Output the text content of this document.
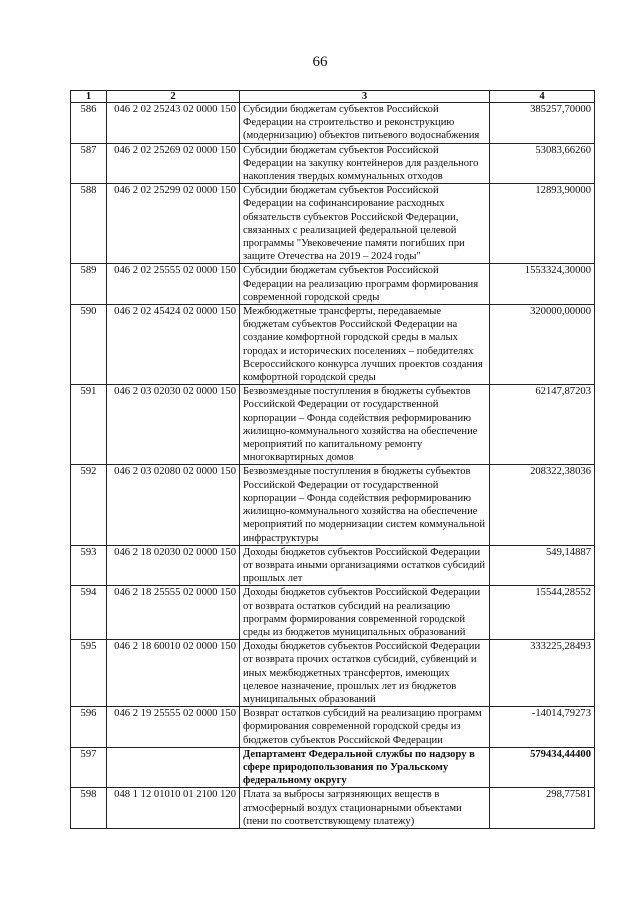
66
1	2	3	4
586	046 2 02 25243 02 0000 150	Субсидии бюджетам субъектов Российской Федерации на строительство и реконструкцию (модернизацию) объектов питьевого водоснабжения	385257,70000
587	046 2 02 25269 02 0000 150	Субсидии бюджетам субъектов Российской Федерации на закупку контейнеров для раздельного накопления твердых коммунальных отходов	53083,66260
588	046 2 02 25299 02 0000 150	Субсидии бюджетам субъектов Российской Федерации на софинансирование расходных обязательств субъектов Российской Федерации, связанных с реализацией федеральной целевой программы "Увековечение памяти погибших при защите Отечества на 2019 – 2024 годы"	12893,90000
589	046 2 02 25555 02 0000 150	Субсидии бюджетам субъектов Российской Федерации на реализацию программ формирования современной городской среды	1553324,30000
590	046 2 02 45424 02 0000 150	Межбюджетные трансферты, передаваемые бюджетам субъектов Российской Федерации на создание комфортной городской среды в малых городах и исторических поселениях – победителях Всероссийского конкурса лучших проектов создания комфортной городской среды	320000,00000
591	046 2 03 02030 02 0000 150	Безвозмездные поступления в бюджеты субъектов Российской Федерации от государственной корпорации – Фонда содействия реформированию жилищно-коммунального хозяйства на обеспечение мероприятий по капитальному ремонту многоквартирных домов	62147,87203
592	046 2 03 02080 02 0000 150	Безвозмездные поступления в бюджеты субъектов Российской Федерации от государственной корпорации – Фонда содействия реформированию жилищно-коммунального хозяйства на обеспечение мероприятий по модернизации систем коммунальной инфраструктуры	208322,38036
593	046 2 18 02030 02 0000 150	Доходы бюджетов субъектов Российской Федерации от возврата иными организациями остатков субсидий прошлых лет	549,14887
594	046 2 18 25555 02 0000 150	Доходы бюджетов субъектов Российской Федерации от возврата остатков субсидий на реализацию программ формирования современной городской среды из бюджетов муниципальных образований	15544,28552
595	046 2 18 60010 02 0000 150	Доходы бюджетов субъектов Российской Федерации от возврата прочих остатков субсидий, субвенций и иных межбюджетных трансфертов, имеющих целевое назначение, прошлых лет из бюджетов муниципальных образований	333225,28493
596	046 2 19 25555 02 0000 150	Возврат остатков субсидий на реализацию программ формирования современной городской среды из бюджетов субъектов Российской Федерации	-14014,79273
597		Департамент Федеральной службы по надзору в сфере природопользования по Уральскому федеральному округу	579434,44400
598	048 1 12 01010 01 2100 120	Плата за выбросы загрязняющих веществ в атмосферный воздух стационарными объектами (пени по соответствующему платежу)	298,77581
